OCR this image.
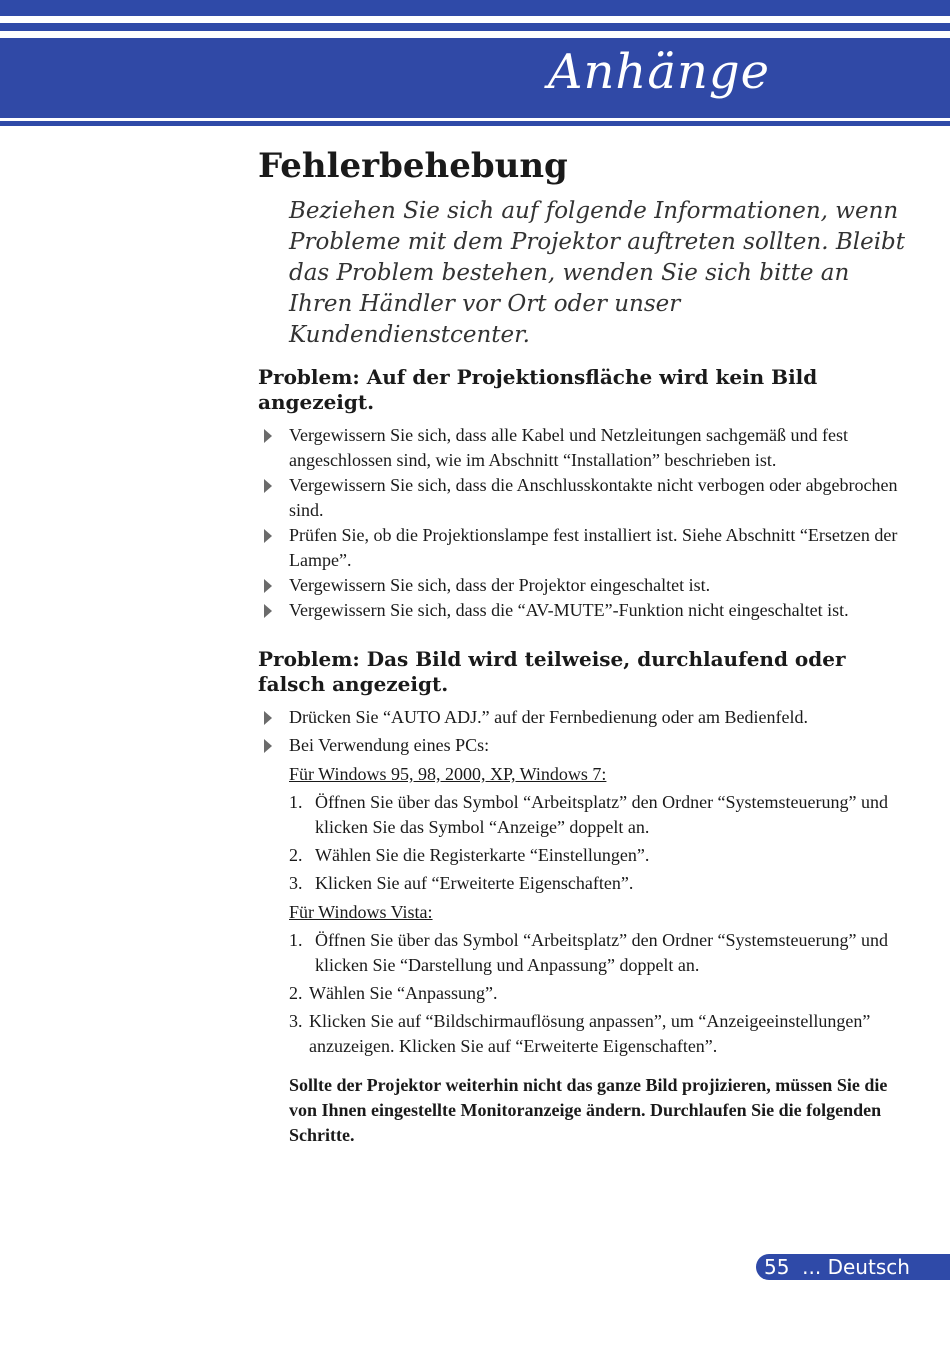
Anhänge
Fehlerbehebung

Beziehen Sie sich auf folgende Informationen, wenn Probleme mit dem Projektor auftreten sollten. Bleibt das Problem bestehen, wenden Sie sich bitte an Ihren Händler vor Ort oder unser Kundendienstcenter.

Problem: Auf der Projektionsfläche wird kein Bild angezeigt.

Vergewissern Sie sich, dass alle Kabel und Netzleitungen sachgemäß und fest angeschlossen sind, wie im Abschnitt “Installation” beschrieben ist.
Vergewissern Sie sich, dass die Anschlusskontakte nicht verbogen oder abgebrochen sind.
Prüfen Sie, ob die Projektionslampe fest installiert ist. Siehe Abschnitt “Ersetzen der Lampe”.
Vergewissern Sie sich, dass der Projektor eingeschaltet ist.
Vergewissern Sie sich, dass die “AV-MUTE”-Funktion nicht eingeschaltet ist.

Problem: Das Bild wird teilweise, durchlaufend oder falsch angezeigt.

Drücken Sie “AUTO ADJ.” auf der Fernbedienung oder am Bedienfeld.
Bei Verwendung eines PCs:
Für Windows 95, 98, 2000, XP, Windows 7:
1. Öffnen Sie über das Symbol “Arbeitsplatz” den Ordner “Systemsteuerung” und klicken Sie das Symbol “Anzeige” doppelt an.
2. Wählen Sie die Registerkarte “Einstellungen”.
3. Klicken Sie auf “Erweiterte Eigenschaften”.
Für Windows Vista:
1. Öffnen Sie über das Symbol “Arbeitsplatz” den Ordner “Systemsteuerung” und klicken Sie “Darstellung und Anpassung” doppelt an.
2. Wählen Sie “Anpassung”.
3. Klicken Sie auf “Bildschirmauflösung anpassen”, um “Anzeigeeinstellungen” anzuzeigen. Klicken Sie auf “Erweiterte Eigenschaften”.

Sollte der Projektor weiterhin nicht das ganze Bild projizieren, müssen Sie die von Ihnen eingestellte Monitoranzeige ändern. Durchlaufen Sie die folgenden Schritte.

55 ... Deutsch
